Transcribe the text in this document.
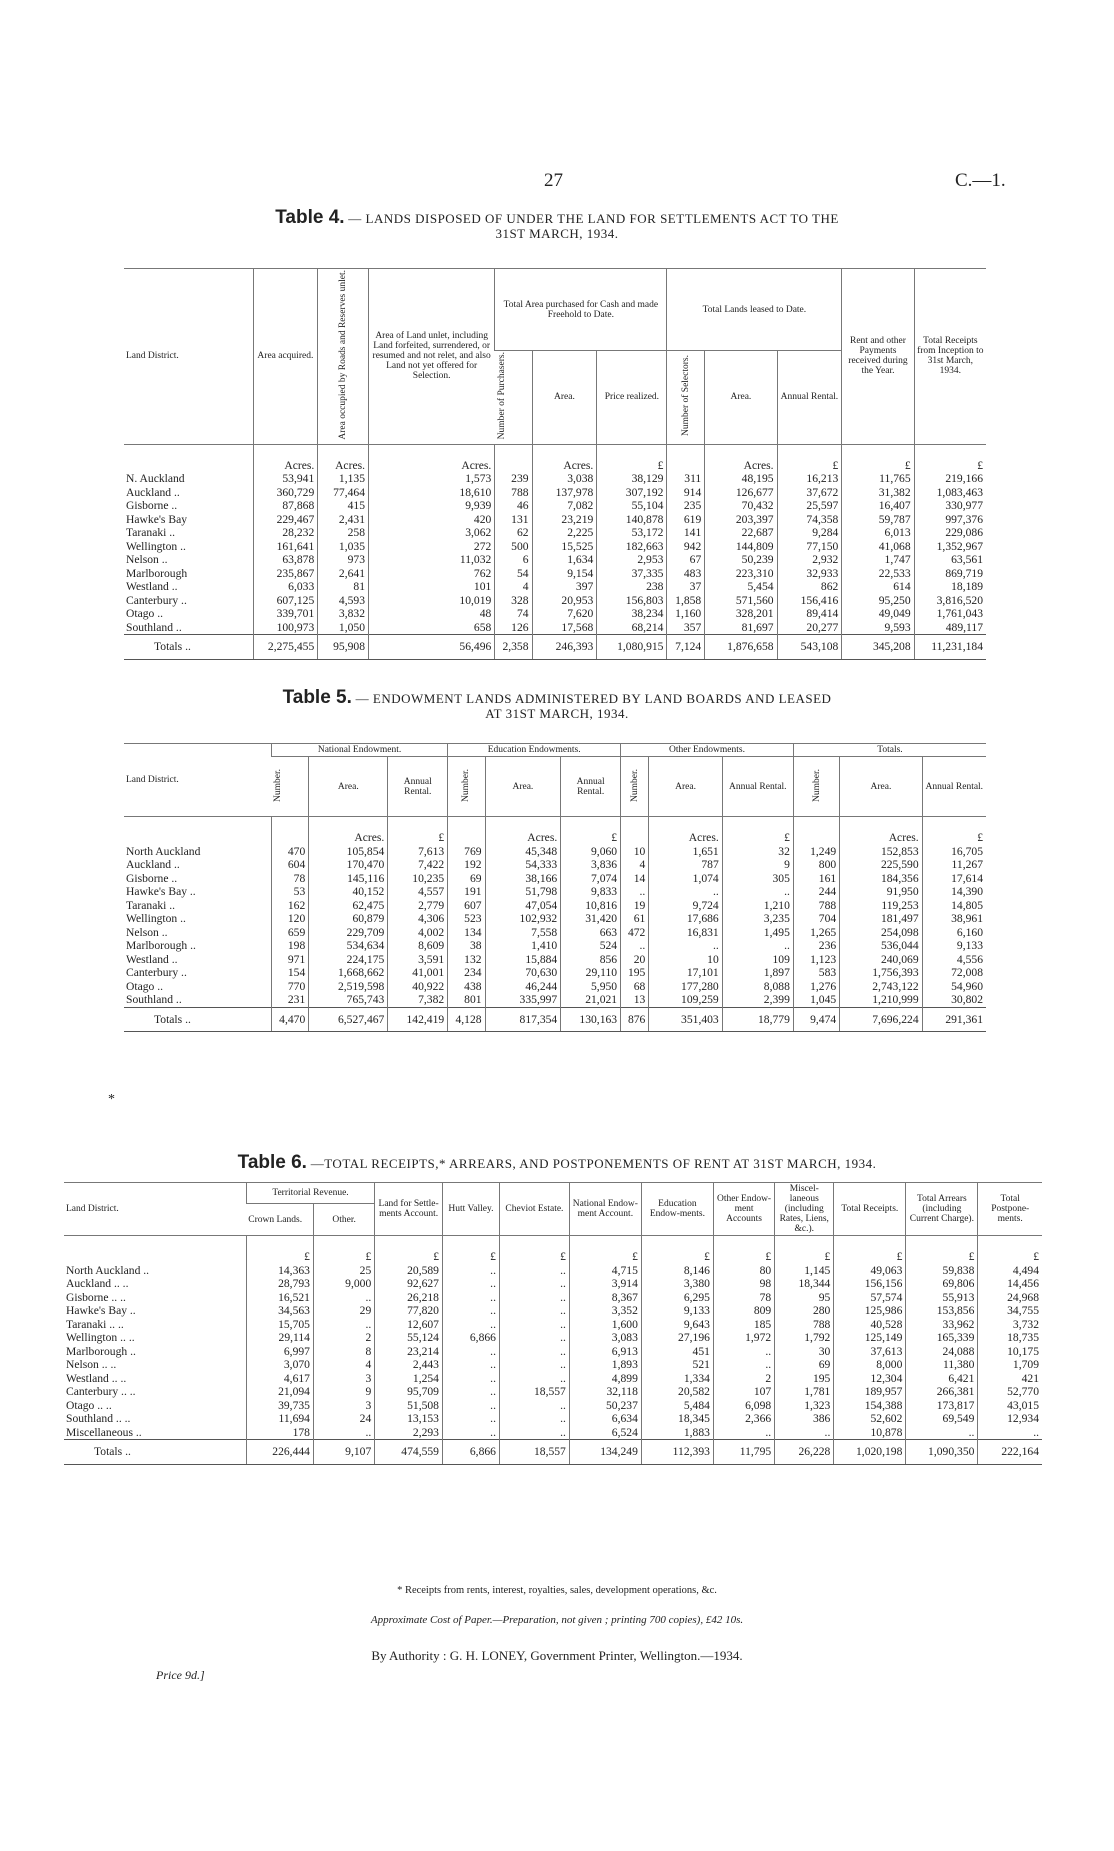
27	C.—1.
Table 4. — LANDS DISPOSED OF UNDER THE LAND FOR SETTLEMENTS ACT TO THE
31ST MARCH, 1934.
Land District.	Area acquired.	Area occupied by Roads and Reserves unlet.	Area of Land unlet, including Land forfeited, surrendered, or resumed and not relet, and also Land not yet offered for Selection.	Total Area purchased for Cash and made Freehold to Date.			Total Lands leased to Date.			Rent and other Payments received during the Year.	Total Receipts from Inception to 31st March, 1934.
				Number of Purchasers.	Area.	Price realized.	Number of Selectors.	Area.	Annual Rental.		
	Acres.	Acres.	Acres.		Acres.	£		Acres.	£	£	£
N. Auckland	53,941	1,135	1,573	239	3,038	38,129	311	48,195	16,213	11,765	219,166
Auckland ..	360,729	77,464	18,610	788	137,978	307,192	914	126,677	37,672	31,382	1,083,463
Gisborne ..	87,868	415	9,939	46	7,082	55,104	235	70,432	25,597	16,407	330,977
Hawke's Bay	229,467	2,431	420	131	23,219	140,878	619	203,397	74,358	59,787	997,376
Taranaki ..	28,232	258	3,062	62	2,225	53,172	141	22,687	9,284	6,013	229,086
Wellington ..	161,641	1,035	272	500	15,525	182,663	942	144,809	77,150	41,068	1,352,967
Nelson ..	63,878	973	11,032	6	1,634	2,953	67	50,239	2,932	1,747	63,561
Marlborough	235,867	2,641	762	54	9,154	37,335	483	223,310	32,933	22,533	869,719
Westland ..	6,033	81	101	4	397	238	37	5,454	862	614	18,189
Canterbury ..	607,125	4,593	10,019	328	20,953	156,803	1,858	571,560	156,416	95,250	3,816,520
Otago ..	339,701	3,832	48	74	7,620	38,234	1,160	328,201	89,414	49,049	1,761,043
Southland ..	100,973	1,050	658	126	17,568	68,214	357	81,697	20,277	9,593	489,117
Totals ..	2,275,455	95,908	56,496	2,358	246,393	1,080,915	7,124	1,876,658	543,108	345,208	11,231,184
Table 5. — ENDOWMENT LANDS ADMINISTERED BY LAND BOARDS AND LEASED
AT 31ST MARCH, 1934.
Land District.	National Endowment.			Education Endowments.			Other Endowments.			Totals.		
	Number.	Area.	Annual Rental.	Number.	Area.	Annual Rental.	Number.	Area.	Annual Rental.	Number.	Area.	Annual Rental.
		Acres.	£		Acres.	£		Acres.	£		Acres.	£
North Auckland	470	105,854	7,613	769	45,348	9,060	10	1,651	32	1,249	152,853	16,705
Auckland ..	604	170,470	7,422	192	54,333	3,836	4	787	9	800	225,590	11,267
Gisborne ..	78	145,116	10,235	69	38,166	7,074	14	1,074	305	161	184,356	17,614
Hawke's Bay ..	53	40,152	4,557	191	51,798	9,833	..	..	..	244	91,950	14,390
Taranaki ..	162	62,475	2,779	607	47,054	10,816	19	9,724	1,210	788	119,253	14,805
Wellington ..	120	60,879	4,306	523	102,932	31,420	61	17,686	3,235	704	181,497	38,961
Nelson ..	659	229,709	4,002	134	7,558	663	472	16,831	1,495	1,265	254,098	6,160
Marlborough ..	198	534,634	8,609	38	1,410	524	..	..	..	236	536,044	9,133
Westland ..	971	224,175	3,591	132	15,884	856	20	10	109	1,123	240,069	4,556
Canterbury ..	154	1,668,662	41,001	234	70,630	29,110	195	17,101	1,897	583	1,756,393	72,008
Otago ..	770	2,519,598	40,922	438	46,244	5,950	68	177,280	8,088	1,276	2,743,122	54,960
Southland ..	231	765,743	7,382	801	335,997	21,021	13	109,259	2,399	1,045	1,210,999	30,802
Totals ..	4,470	6,527,467	142,419	4,128	817,354	130,163	876	351,403	18,779	9,474	7,696,224	291,361
*
Table 6. —TOTAL RECEIPTS,* ARREARS, AND POSTPONEMENTS OF RENT AT 31ST MARCH, 1934.
Land District.	Territorial Revenue.		Land for Settle-ments Account.	Hutt Valley.	Cheviot Estate.	National Endow-ment Account.	Education Endow-ments.	Other Endow-ment Accounts	Miscel-laneous (including Rates, Liens, &c.).	Total Receipts.	Total Arrears (including Current Charge).	Total Postpone-ments.
	Crown Lands.	Other.										
	£	£	£	£	£	£	£	£	£	£	£	£
North Auckland ..	14,363	25	20,589	..	..	4,715	8,146	80	1,145	49,063	59,838	4,494
Auckland .. ..	28,793	9,000	92,627	..	..	3,914	3,380	98	18,344	156,156	69,806	14,456
Gisborne .. ..	16,521	..	26,218	..	..	8,367	6,295	78	95	57,574	55,913	24,968
Hawke's Bay ..	34,563	29	77,820	..	..	3,352	9,133	809	280	125,986	153,856	34,755
Taranaki .. ..	15,705	..	12,607	..	..	1,600	9,643	185	788	40,528	33,962	3,732
Wellington .. ..	29,114	2	55,124	6,866	..	3,083	27,196	1,972	1,792	125,149	165,339	18,735
Marlborough ..	6,997	8	23,214	..	..	6,913	451	..	30	37,613	24,088	10,175
Nelson .. ..	3,070	4	2,443	..	..	1,893	521	..	69	8,000	11,380	1,709
Westland .. ..	4,617	3	1,254	..	..	4,899	1,334	2	195	12,304	6,421	421
Canterbury .. ..	21,094	9	95,709	..	18,557	32,118	20,582	107	1,781	189,957	266,381	52,770
Otago .. ..	39,735	3	51,508	..	..	50,237	5,484	6,098	1,323	154,388	173,817	43,015
Southland .. ..	11,694	24	13,153	..	..	6,634	18,345	2,366	386	52,602	69,549	12,934
Miscellaneous ..	178	..	2,293	..	..	6,524	1,883	..	..	10,878	..	..
Totals ..	226,444	9,107	474,559	6,866	18,557	134,249	112,393	11,795	26,228	1,020,198	1,090,350	222,164
* Receipts from rents, interest, royalties, sales, development operations, &c.
Approximate Cost of Paper.—Preparation, not given ; printing 700 copies), £42 10s.
By Authority : G. H. LONEY, Government Printer, Wellington.—1934.
Price 9d.]
